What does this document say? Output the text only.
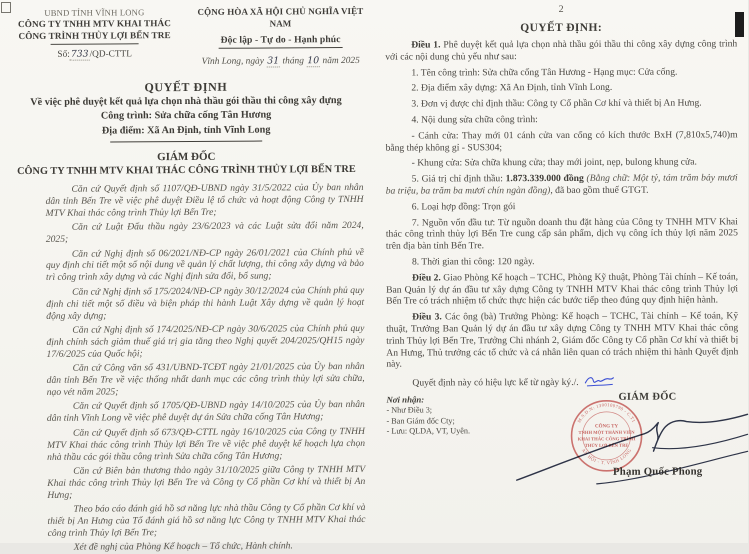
UBND TỈNH VĨNH LONG
CÔNG TY TNHH MTV KHAI THÁC
CÔNG TRÌNH THỦY LỢI BẾN TRE
Số:733/QD-CTTL
CỘNG HÒA XÃ HỘI CHỦ NGHĨA VIỆT NAM
Độc lập - Tự do - Hạnh phúc
Vĩnh Long, ngày 31 tháng 10 năm 2025
QUYẾT ĐỊNH
Về việc phê duyệt kết quả lựa chọn nhà thầu gói thầu thi công xây dựng
Công trình: Sửa chữa cống Tân Hương
Địa điểm: Xã An Định, tỉnh Vĩnh Long
GIÁM ĐỐC
CÔNG TY TNHH MTV KHAI THÁC CÔNG TRÌNH THỦY LỢI BẾN TRE

Căn cứ Quyết định số 1107/QĐ-UBND ngày 31/5/2022 của Ủy ban nhân dân tỉnh Bến Tre về việc phê duyệt Điều lệ tổ chức và hoạt động Công ty TNHH MTV Khai thác công trình Thủy lợi Bến Tre;

Căn cứ Luật Đấu thầu ngày 23/6/2023 và các Luật sửa đổi năm 2024, 2025;

Căn cứ Nghị định số 06/2021/NĐ-CP ngày 26/01/2021 của Chính phủ về quy định chi tiết một số nội dung về quản lý chất lượng, thi công xây dựng và bảo trì công trình xây dựng và các Nghị định sửa đổi, bổ sung;

Căn cứ Nghị định số 175/2024/NĐ-CP ngày 30/12/2024 của Chính phủ quy định chi tiết một số điều và biện pháp thi hành Luật Xây dựng về quản lý hoạt động xây dựng;

Căn cứ Nghị định số 174/2025/NĐ-CP ngày 30/6/2025 của Chính phủ quy định chính sách giảm thuế giá trị gia tăng theo Nghị quyết 204/2025/QH15 ngày 17/6/2025 của Quốc hội;

Căn cứ Công văn số 431/UBND-TCĐT ngày 21/01/2025 của Ủy ban nhân dân tỉnh Bến Tre về việc thống nhất danh mục các công trình thủy lợi sửa chữa, nạo vét năm 2025;

Căn cứ Quyết định số 1705/QĐ-UBND ngày 14/10/2025 của Ủy ban nhân dân tỉnh Vĩnh Long về việc phê duyệt dự án Sửa chữa cống Tân Hương;

Căn cứ Quyết định số 673/QĐ-CTTL ngày 16/10/2025 của Công ty TNHH MTV Khai thác công trình Thủy lợi Bến Tre về việc phê duyệt kế hoạch lựa chọn nhà thầu các gói thầu công trình Sửa chữa cống Tân Hương;

Căn cứ Biên bản thương thảo ngày 31/10/2025 giữa Công ty TNHH MTV Khai thác công trình Thủy lợi Bến Tre và Công ty Cổ phần Cơ khí và thiết bị An Hưng;

Theo báo cáo đánh giá hồ sơ năng lực nhà thầu Công ty Cổ phần Cơ khí và thiết bị An Hưng của Tổ đánh giá hồ sơ năng lực Công ty TNHH MTV Khai thác công trình Thủy lợi Bến Tre;

Xét đề nghị của Phòng Kế hoạch – Tổ chức, Hành chính.

2
QUYẾT ĐỊNH:

Điều 1. Phê duyệt kết quả lựa chọn nhà thầu gói thầu thi công xây dựng công trình với các nội dung chủ yếu như sau:

1. Tên công trình: Sửa chữa cống Tân Hương - Hạng mục: Cửa cống.

2. Địa điểm xây dựng: Xã An Định, tỉnh Vĩnh Long.

3. Đơn vị được chỉ định thầu: Công ty Cổ phần Cơ khí và thiết bị An Hưng.

4. Nội dung sửa chữa công trình:

- Cánh cửa: Thay mới 01 cánh cửa van cống có kích thước BxH (7,810x5,740)m bằng thép không gỉ - SUS304;

- Khung cửa: Sửa chữa khung cửa; thay mới joint, nẹp, bulong khung cửa.

5. Giá trị chỉ định thầu: 1.873.339.000 đồng (Bằng chữ: Một tỷ, tám trăm bảy mươi ba triệu, ba trăm ba mươi chín ngàn đồng), đã bao gồm thuế GTGT.

6. Loại hợp đồng: Trọn gói

7. Nguồn vốn đầu tư: Từ nguồn doanh thu đặt hàng của Công ty TNHH MTV Khai thác công trình thủy lợi Bến Tre cung cấp sản phẩm, dịch vụ công ích thủy lợi năm 2025 trên địa bàn tỉnh Bến Tre.

8. Thời gian thi công: 120 ngày.

Điều 2. Giao Phòng Kế hoạch – TCHC, Phòng Kỹ thuật, Phòng Tài chính – Kế toán, Ban Quản lý dự án đầu tư xây dựng Công ty TNHH MTV Khai thác công trình Thủy lợi Bến Tre có trách nhiệm tổ chức thực hiện các bước tiếp theo đúng quy định hiện hành.

Điều 3. Các ông (bà) Trưởng Phòng: Kế hoạch – TCHC, Tài chính – Kế toán, Kỹ thuật, Trưởng Ban Quản lý dự án đầu tư xây dựng Công ty TNHH MTV Khai thác công trình Thủy lợi Bến Tre, Trưởng Chi nhánh 2, Giám đốc Công ty Cổ phần Cơ khí và thiết bị An Hưng, Thủ trưởng các tổ chức và cá nhân liên quan có trách nhiệm thi hành Quyết định này.

Quyết định này có hiệu lực kể từ ngày ký./.

Nơi nhận:
- Như Điều 3;
- Ban Giám đốc Cty;
- Lưu: QLDA, VT, Uyên.
GIÁM ĐỐC
M.S.D.N: 1300100790 - C.T1
AN HỘI - T. VĨNH LONG
CÔNG TY
TNHH MỘT THÀNH VIÊN
KHAI THÁC CÔNG TRÌNH
THỦY LỢI BẾN TRE
Phạm Quốc Phong
